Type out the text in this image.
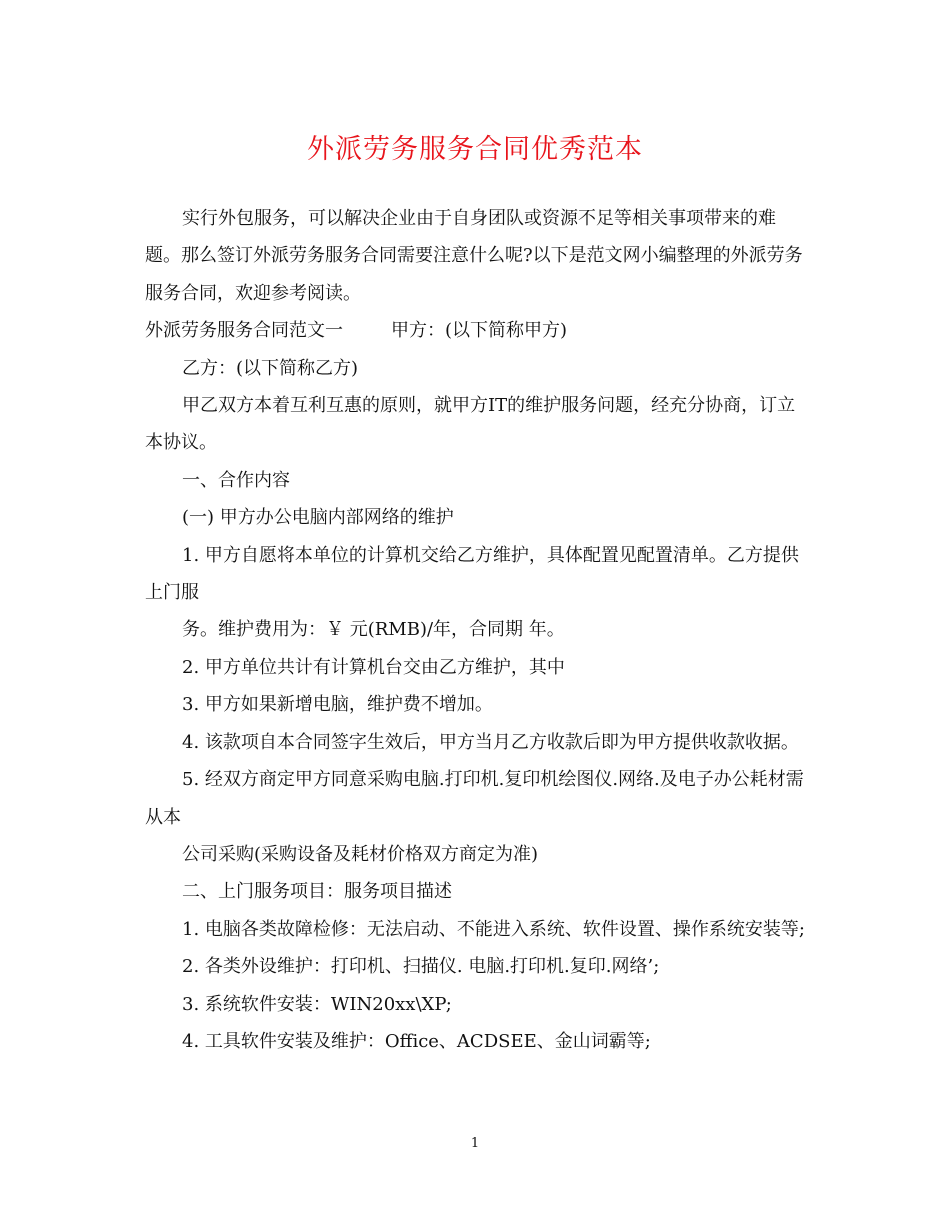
外派劳务服务合同优秀范本

实行外包服务，可以解决企业由于自身团队或资源不足等相关事项带来的难题。那么签订外派劳务服务合同需要注意什么呢?以下是范文网小编整理的外派劳务服务合同，欢迎参考阅读。

外派劳务服务合同范文一	甲方：(以下简称甲方)

乙方：(以下简称乙方)

甲乙双方本着互利互惠的原则，就甲方IT的维护服务问题，经充分协商，订立本协议。

一、合作内容

(一) 甲方办公电脑内部网络的维护

1. 甲方自愿将本单位的计算机交给乙方维护，具体配置见配置清单。乙方提供上门服

务。维护费用为：￥ 元(RMB)/年，合同期 年。

2. 甲方单位共计有计算机台交由乙方维护，其中

3. 甲方如果新增电脑，维护费不增加。

4. 该款项自本合同签字生效后，甲方当月乙方收款后即为甲方提供收款收据。

5. 经双方商定甲方同意采购电脑.打印机.复印机绘图仪.网络.及电子办公耗材需从本

公司采购(采购设备及耗材价格双方商定为准)

二、上门服务项目：服务项目描述

1. 电脑各类故障检修：无法启动、不能进入系统、软件设置、操作系统安装等;

2. 各类外设维护：打印机、扫描仪. 电脑.打印机.复印.网络’;

3. 系统软件安装：WIN20xx\XP;

4. 工具软件安装及维护：Office、ACDSEE、金山词霸等;

1
